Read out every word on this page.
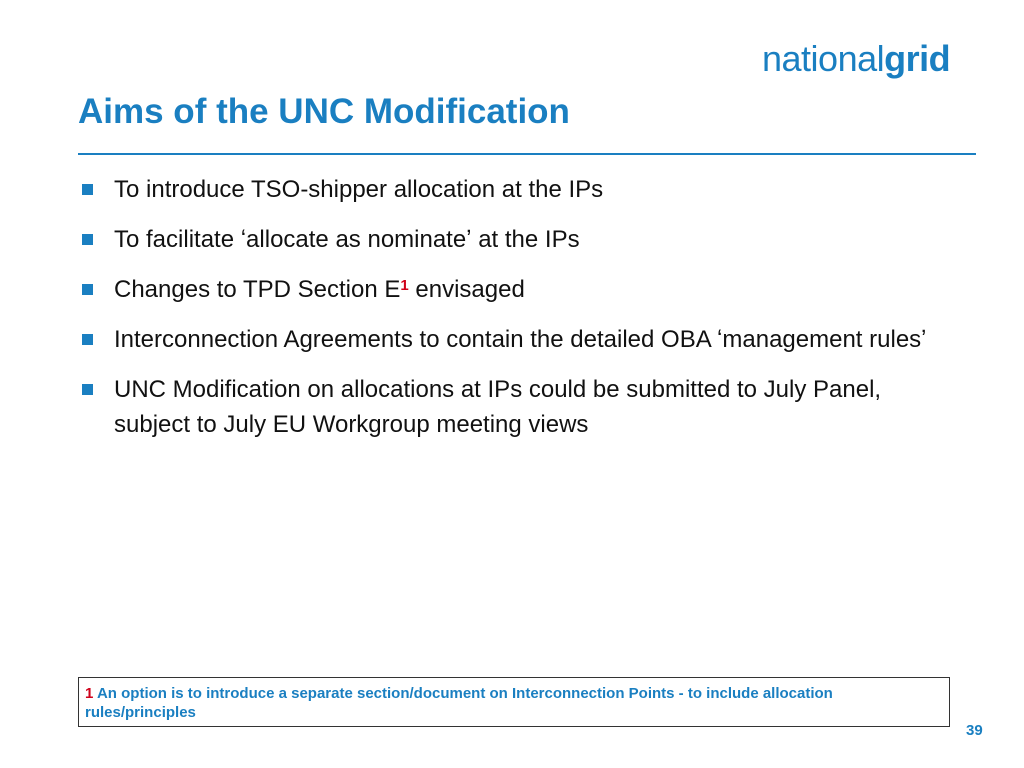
nationalgrid
Aims of the UNC Modification
To introduce TSO-shipper allocation at the IPs
To facilitate ʻallocate as nominateʼ at the IPs
Changes to TPD Section $E^1$ envisaged
Interconnection Agreements to contain the detailed OBA ʻmanagement rulesʼ
UNC Modification on allocations at IPs could be submitted to July Panel, subject to July EU Workgroup meeting views
1 An option is to introduce a separate section/document on Interconnection Points - to include allocation rules/principles
39
